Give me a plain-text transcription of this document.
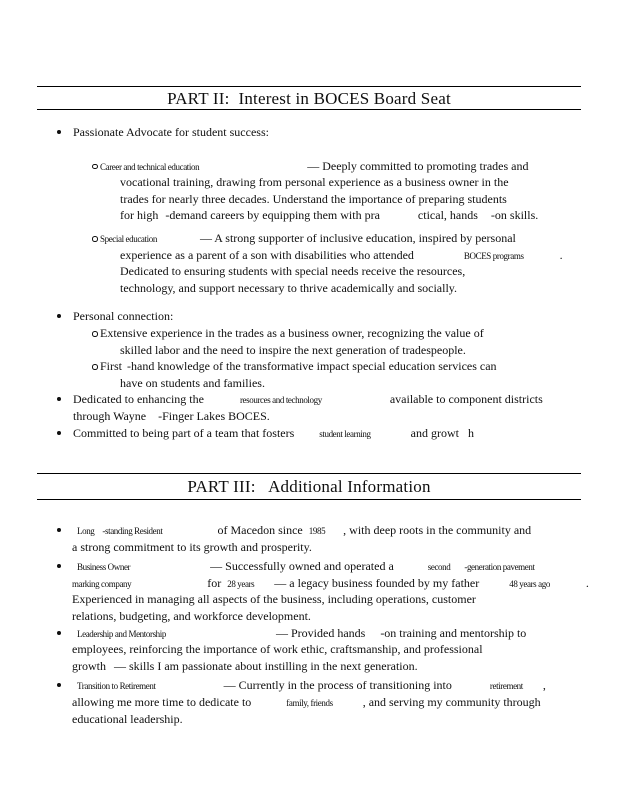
PART II:  Interest in BOCES Board Seat
Passionate Advocate for student success:
Career and technical education	— Deeply committed to promoting trades and
vocational training, drawing from personal experience as a business owner in the
trades for nearly three decades. Understand the importance of preparing students
for high -demand careers by equipping them with pra	ctical, hands -on skills.
Special education	— A strong supporter of inclusive education, inspired by personal
experience as a parent of a son with disabilities who attended	BOCES programs	.
Dedicated to ensuring students with special needs receive the resources,
technology, and support necessary to thrive academically and socially.
Personal connection:
Extensive experience in the trades as a business owner, recognizing the value of
skilled labor and the need to inspire the next generation of tradespeople.
First -hand knowledge of the transformative impact special education services can
have on students and families.
Dedicated to enhancing the	resources and technology	available to component districts
through Wayne -Finger Lakes BOCES.
Committed to being part of a team that fosters	student learning	and growt h
PART III:   Additional Information
Long -standing Resident	of Macedon since 1985 , with deep roots in the community and
a strong commitment to its growth and prosperity.
Business Owner	— Successfully owned and operated a	second -generation pavement
marking company	for 28 years — a legacy business founded by my father	48 years ago	.
Experienced in managing all aspects of the business, including operations, customer
relations, budgeting, and workforce development.
Leadership and Mentorship	— Provided hands -on training and mentorship to
employees, reinforcing the importance of work ethic, craftsmanship, and professional
growth — skills I am passionate about instilling in the next generation.
Transition to Retirement	— Currently in the process of transitioning into	retirement ,
allowing me more time to dedicate to	family, friends	, and serving my community through
educational leadership.
